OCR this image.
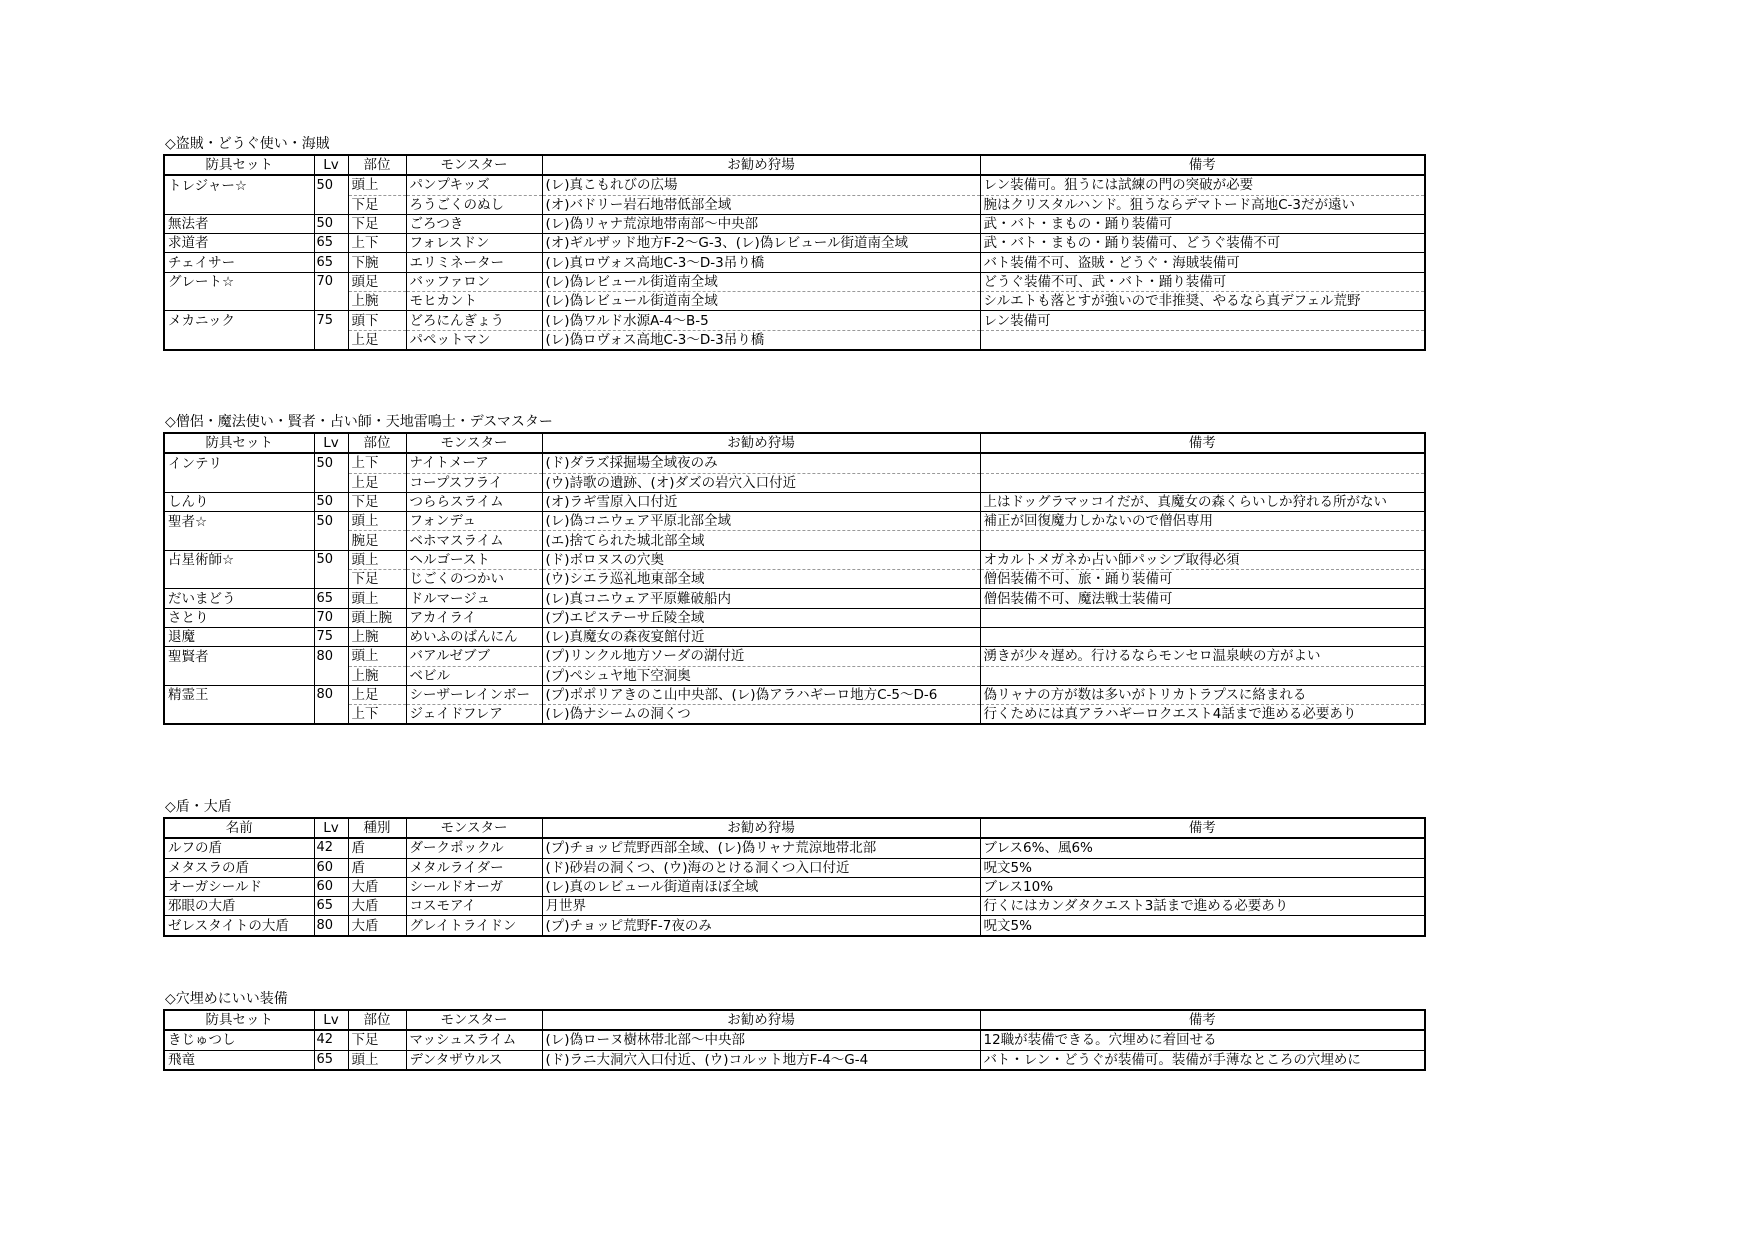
◇盗賊・どうぐ使い・海賊
防具セット	Lv	部位	モンスター	お勧め狩場	備考
トレジャー☆	50	頭上	パンプキッズ	(レ)真こもれびの広場	レン装備可。狙うには試練の門の突破が必要
		下足	ろうごくのぬし	(オ)バドリー岩石地帯低部全域	腕はクリスタルハンド。狙うならデマトード高地C-3だが遠い
無法者	50	下足	ごろつき	(レ)偽リャナ荒涼地帯南部～中央部	武・バト・まもの・踊り装備可
求道者	65	上下	フォレスドン	(オ)ギルザッド地方F-2～G-3、(レ)偽レビュール街道南全域	武・バト・まもの・踊り装備可、どうぐ装備不可
チェイサー	65	下腕	エリミネーター	(レ)真ロヴォス高地C-3～D-3吊り橋	バト装備不可、盗賊・どうぐ・海賊装備可
グレート☆	70	頭足	バッファロン	(レ)偽レビュール街道南全域	どうぐ装備不可、武・バト・踊り装備可
		上腕	モヒカント	(レ)偽レビュール街道南全域	シルエトも落とすが強いので非推奨、やるなら真デフェル荒野
メカニック	75	頭下	どろにんぎょう	(レ)偽ワルド水源A-4～B-5	レン装備可
		上足	パペットマン	(レ)偽ロヴォス高地C-3～D-3吊り橋	
◇僧侶・魔法使い・賢者・占い師・天地雷鳴士・デスマスター
防具セット	Lv	部位	モンスター	お勧め狩場	備考
インテリ	50	上下	ナイトメーア	(ド)ダラズ採掘場全域夜のみ	
		上足	コープスフライ	(ウ)詩歌の遺跡、(オ)ダズの岩穴入口付近	
しんり	50	下足	つららスライム	(オ)ラギ雪原入口付近	上はドッグラマッコイだが、真魔女の森くらいしか狩れる所がない
聖者☆	50	頭上	フォンデュ	(レ)偽コニウェア平原北部全域	補正が回復魔力しかないので僧侶専用
		腕足	ベホマスライム	(エ)捨てられた城北部全域	
占星術師☆	50	頭上	ヘルゴースト	(ド)ボロヌスの穴奥	オカルトメガネか占い師パッシブ取得必須
		下足	じごくのつかい	(ウ)シエラ巡礼地東部全域	僧侶装備不可、旅・踊り装備可
だいまどう	65	頭上	ドルマージュ	(レ)真コニウェア平原難破船内	僧侶装備不可、魔法戦士装備可
さとり	70	頭上腕	アカイライ	(プ)エピステーサ丘陵全域	
退魔	75	上腕	めいふのばんにん	(レ)真魔女の森夜宴館付近	
聖賢者	80	頭上	バアルゼブブ	(プ)リンクル地方ソーダの湖付近	湧きが少々遅め。行けるならモンセロ温泉峡の方がよい
		上腕	ベビル	(プ)ペシュヤ地下空洞奥	
精霊王	80	上足	シーザーレインボー	(プ)ポポリアきのこ山中央部、(レ)偽アラハギーロ地方C-5～D-6	偽リャナの方が数は多いがトリカトラプスに絡まれる
		上下	ジェイドフレア	(レ)偽ナシームの洞くつ	行くためには真アラハギーロクエスト4話まで進める必要あり
◇盾・大盾
名前	Lv	種別	モンスター	お勧め狩場	備考
ルフの盾	42	盾	ダークポックル	(プ)チョッピ荒野西部全域、(レ)偽リャナ荒涼地帯北部	ブレス6%、風6%
メタスラの盾	60	盾	メタルライダー	(ド)砂岩の洞くつ、(ウ)海のとける洞くつ入口付近	呪文5%
オーガシールド	60	大盾	シールドオーガ	(レ)真のレビュール街道南ほぼ全域	ブレス10%
邪眼の大盾	65	大盾	コスモアイ	月世界	行くにはカンダタクエスト3話まで進める必要あり
ゼレスタイトの大盾	80	大盾	グレイトライドン	(プ)チョッピ荒野F-7夜のみ	呪文5%
◇穴埋めにいい装備
防具セット	Lv	部位	モンスター	お勧め狩場	備考
きじゅつし	42	下足	マッシュスライム	(レ)偽ローヌ樹林帯北部～中央部	12職が装備できる。穴埋めに着回せる
飛竜	65	頭上	デンタザウルス	(ド)ラニ大洞穴入口付近、(ウ)コルット地方F-4～G-4	バト・レン・どうぐが装備可。装備が手薄なところの穴埋めに
